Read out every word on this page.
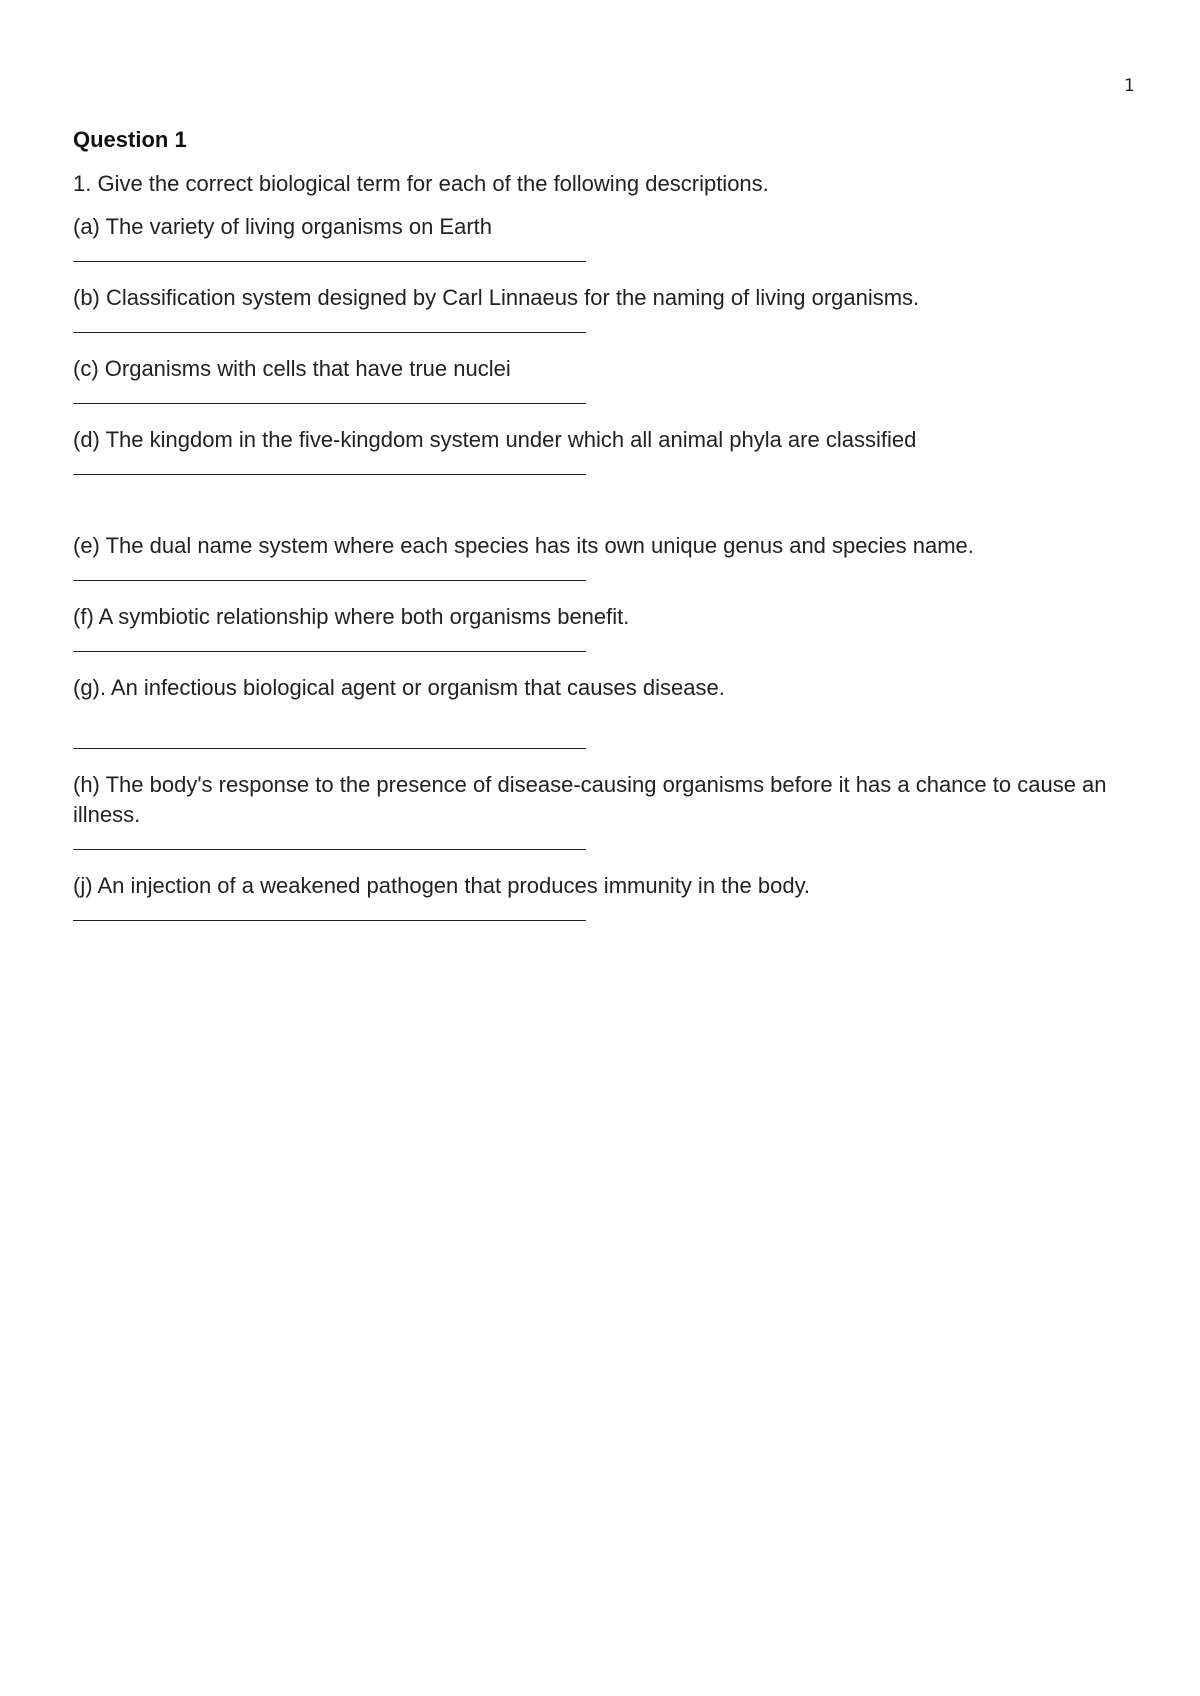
1
Question 1
1. Give the correct biological term for each of the following descriptions.
(a) The variety of living organisms on Earth
(b) Classification system designed by Carl Linnaeus for the naming of living organisms.
(c) Organisms with cells that have true nuclei
(d) The kingdom in the five-kingdom system under which all animal phyla are classified
(e) The dual name system where each species has its own unique genus and species name.
(f) A symbiotic relationship where both organisms benefit.
(g). An infectious biological agent or organism that causes disease.
(h) The body's response to the presence of disease-causing organisms before it has a chance to cause an illness.
(j) An injection of a weakened pathogen that produces immunity in the body.
